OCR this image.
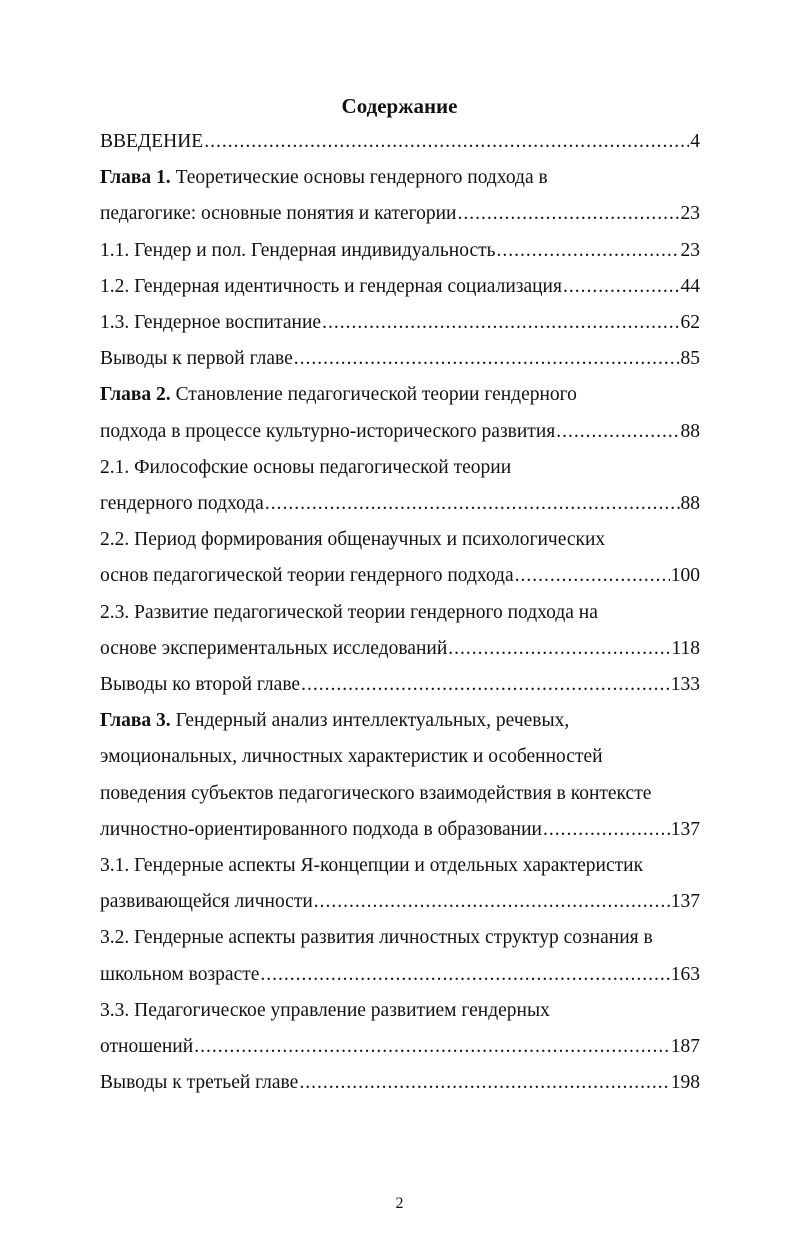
Содержание
ВВЕДЕНИЕ .....	4
Глава 1. Теоретические основы гендерного подхода в
педагогике: основные понятия и категории .....	23
1.1. Гендер и пол. Гендерная индивидуальность .....	23
1.2. Гендерная идентичность и гендерная социализация .....	44
1.3. Гендерное воспитание .....	62
Выводы к первой главе .....	85
Глава 2. Становление педагогической теории гендерного
подхода в процессе культурно-исторического развития .....	88
2.1. Философские основы педагогической теории
гендерного подхода .....	88
2.2. Период формирования общенаучных и психологических
основ педагогической теории гендерного подхода .....	100
2.3. Развитие педагогической теории гендерного подхода на
основе экспериментальных исследований .....	118
Выводы ко второй главе .....	133
Глава 3. Гендерный анализ интеллектуальных, речевых,
эмоциональных, личностных характеристик и особенностей
поведения субъектов педагогического взаимодействия в контексте
личностно-ориентированного подхода в образовании .....	137
3.1. Гендерные аспекты Я-концепции и отдельных характеристик
развивающейся личности .....	137
3.2. Гендерные аспекты развития личностных структур сознания в
школьном возрасте .....	163
3.3. Педагогическое управление развитием гендерных
отношений .....	187
Выводы к третьей главе .....	198
2
